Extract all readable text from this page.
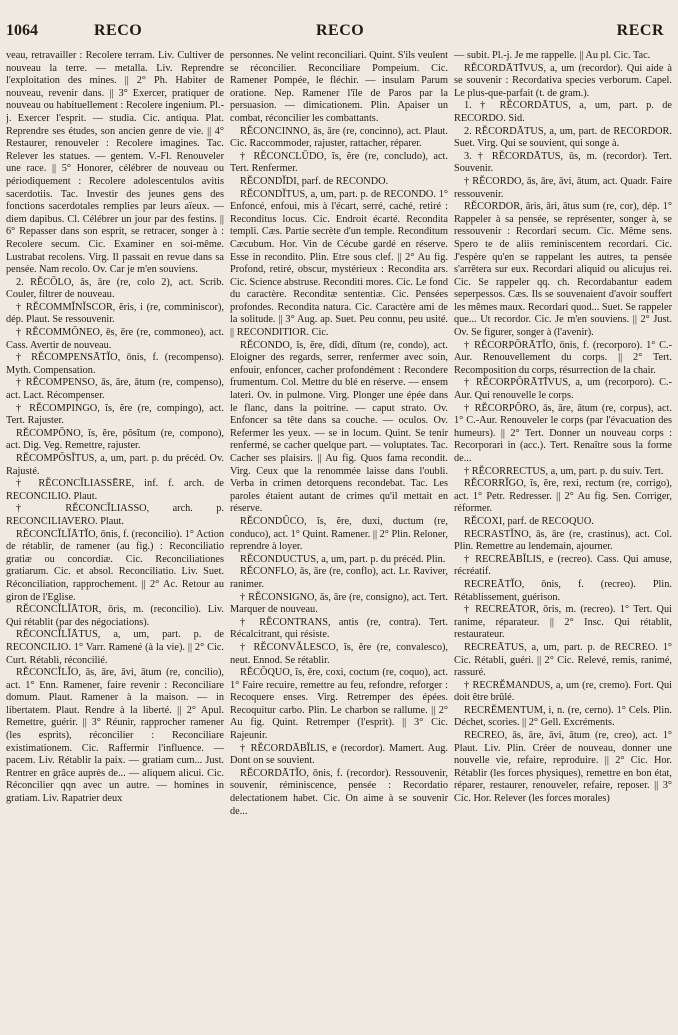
1064	RECO	RECO	RECR

veau, retravailler : Recolere terram. Liv. Cultiver de nouveau la terre. — metalla. Liv. Reprendre l'exploitation des mines. || 2° Ph. Habiter de nouveau, revenir dans. || 3° Exercer, pratiquer de nouveau ou habituellement : Recolere ingenium. Pl.-j. Exercer l'esprit. — studia. Cic. antiqua. Plat. Reprendre ses études, son ancien genre de vie. || 4° Restaurer, renouveler : Recolere imagines. Tac. Relever les statues. — gentem. V.-Fl. Renouveler une race. || 5° Honorer, célébrer de nouveau ou périodiquement : Recolere adolescentulos avitis sacerdotiis. Tac. Investir des jeunes gens des fonctions sacerdotales remplies par leurs aïeux. — diem dapibus. Cl. Célébrer un jour par des festins. || 6° Repasser dans son esprit, se retracer, songer à : Recolere secum. Cic. Examiner en soi-même. Lustrabat recolens. Virg. Il passait en revue dans sa pensée. Nam recolo. Ov. Car je m'en souviens.

2. RĔCŌLO, ās, āre (re, colo 2), act. Scrib. Couler, filtrer de nouveau.

† RĔCOMMĬNĬSCOR, ĕris, i (re, comminiscor), dép. Plaut. Se ressouvenir.

† RĔCOMMŎNEO, ēs, ēre (re, commoneo), act. Cass. Avertir de nouveau.

† RĔCOMPENSĀTĬO, ōnis, f. (recompenso). Myth. Compensation.

† RĔCOMPENSO, ās, āre, ātum (re, compenso), act. Lact. Récompenser.

† RĔCOMPINGO, ĭs, ĕre (re, compingo), act. Tert. Rajuster.

RĔCOMPŌNO, ĭs, ĕre, pŏsĭtum (re, compono), act. Dig. Veg. Remettre, rajuster.

RĔCOMPŎSĬTUS, a, um, part. p. du précéd. Ov. Rajusté.

† RĔCONCĬLIASSĒRE, inf. f. arch. de RECONCILIO. Plaut.

† RĔCONCĬLIASSO, arch. p. RECONCILIAVERO. Plaut.

RĔCONCĬLĬĀTĬO, ōnis, f. (reconcilio). 1° Action de rétablir, de ramener (au fig.) : Reconciliatio gratiæ ou concordiæ. Cic. Reconciliationes gratiarum. Cic. et absol. Reconciliatio. Liv. Suet. Réconciliation, rapprochement. || 2° Ac. Retour au giron de l'Eglise.

RĔCONCĬLĬĀTOR, ōris, m. (reconcilio). Liv. Qui rétablit (par des négociations).

RĔCONCĬLĬĀTUS, a, um, part. p. de RECONCILIO. 1° Varr. Ramené (à la vie). || 2° Cic. Curt. Rétabli, réconcilié.

RĔCONCĬLĬO, ās, āre, āvi, ātum (re, concilio), act. 1° Enn. Ramener, faire revenir : Reconciliare domum. Plaut. Ramener à la maison. — in libertatem. Plaut. Rendre à la liberté. || 2° Apul. Remettre, guérir. || 3° Réunir, rapprocher ramener (les esprits), réconcilier : Reconciliare existimationem. Cic. Raffermir l'influence. — pacem. Liv. Rétablir la paix. — gratiam cum... Just. Rentrer en grâce auprès de... — aliquem alicui. Cic. Réconcilier qqn avec un autre. — homines in gratiam. Liv. Rapatrier deux

personnes. Ne velint reconciliari. Quint. S'ils veulent se réconcilier. Reconciliare Pompeium. Cic. Ramener Pompée, le fléchir. — insulam Parum oratione. Nep. Ramener l'île de Paros par la persuasion. — dimicationem. Plin. Apaiser un combat, réconcilier les combattants.

RĔCONCINNO, ās, āre (re, concinno), act. Plaut. Cic. Raccommoder, rajuster, rattacher, réparer.

† RĔCONCLŪDO, ĭs, ĕre (re, concludo), act. Tert. Renfermer.

RĔCONDĬDI, parf. de RECONDO.

RĔCONDĬTUS, a, um, part. p. de RECONDO. 1° Enfoncé, enfoui, mis à l'écart, serré, caché, retiré : Reconditus locus. Cic. Endroit écarté. Recondita templi. Cæs. Partie secrète d'un temple. Reconditum Cæcubum. Hor. Vin de Cécube gardé en réserve. Esse in recondito. Plin. Etre sous clef. || 2° Au fig. Profond, retiré, obscur, mystérieux : Recondita ars. Cic. Science abstruse. Reconditi mores. Cic. Le fond du caractère. Reconditæ sententiæ. Cic. Pensées profondes. Recondita natura. Cic. Caractère ami de la solitude. || 3° Aug. ap. Suet. Peu connu, peu usité. || RECONDITIOR. Cic.

RĔCONDO, ĭs, ĕre, dĭdi, dĭtum (re, condo), act. Eloigner des regards, serrer, renfermer avec soin, enfouir, enfoncer, cacher profondément : Recondere frumentum. Col. Mettre du blé en réserve. — ensem lateri. Ov. in pulmone. Virg. Plonger une épée dans le flanc, dans la poitrine. — caput strato. Ov. Enfoncer sa tête dans sa couche. — oculos. Ov. Refermer les yeux. — se in locum. Quint. Se tenir renfermé, se cacher quelque part. — voluptates. Tac. Cacher ses plaisirs. || Au fig. Quos fama recondit. Virg. Ceux que la renommée laisse dans l'oubli. Verba in crimen detorquens recondebat. Tac. Les paroles étaient autant de crimes qu'il mettait en réserve.

RĔCONDŪCO, ĭs, ĕre, duxi, ductum (re, conduco), act. 1° Quint. Ramener. || 2° Plin. Reloner, reprendre à loyer.

RĔCONDUCTUS, a, um, part. p. du précéd. Plin.

RĔCONFLO, ās, āre (re, conflo), act. Lr. Raviver, ranimer.

† RĔCONSIGNO, ās, āre (re, consigno), act. Tert. Marquer de nouveau.

† RĔCONTRANS, antis (re, contra). Tert. Récalcitrant, qui résiste.

† RĔCONVĂLESCO, ĭs, ĕre (re, convalesco), neut. Ennod. Se rétablir.

RĔCŎQUO, ĭs, ĕre, coxi, coctum (re, coquo), act. 1° Faire recuire, remettre au feu, refondre, reforger : Recoquere enses. Virg. Retremper des épées. Recoquitur carbo. Plin. Le charbon se rallume. || 2° Au fig. Quint. Retremper (l'esprit). || 3° Cic. Rajeunir.

† RĔCORDĀBĬLIS, e (recordor). Mamert. Aug. Dont on se souvient.

RĔCORDĀTĬO, ōnis, f. (recordor). Ressouvenir, souvenir, réminiscence, pensée : Recordatio delectationem habet. Cic. On aime à se souvenir de...

— subit. Pl.-j. Je me rappelle. || Au pl. Cic. Tac.

RĔCORDĀTĪVUS, a, um (recordor). Qui aide à se souvenir : Recordativa species verborum. Capel. Le plus-que-parfait (t. de gram.).

1. † RĔCORDĀTUS, a, um, part. p. de RECORDO. Sid.

2. RĔCORDĀTUS, a, um, part. de RECORDOR. Suet. Virg. Qui se souvient, qui songe à.

3. † RĔCORDĀTUS, ūs, m. (recordor). Tert. Souvenir.

† RĔCORDO, ās, āre, āvi, ātum, act. Quadr. Faire ressouvenir.

RĔCORDOR, āris, āri, ātus sum (re, cor), dép. 1° Rappeler à sa pensée, se représenter, songer à, se ressouvenir : Recordari secum. Cic. Même sens. Spero te de aliis reminiscentem recordari. Cic. J'espère qu'en se rappelant les autres, ta pensée s'arrêtera sur eux. Recordari aliquid ou alicujus rei. Cic. Se rappeler qq. ch. Recordabantur eadem seperpessos. Cæs. Ils se souvenaient d'avoir souffert les mêmes maux. Recordari quod... Suet. Se rappeler que... Ut recordor. Cic. Je m'en souviens. || 2° Just. Ov. Se figurer, songer à (l'avenir).

† RĔCORPŎRĀTĬO, ōnis, f. (recorporo). 1° C.-Aur. Renouvellement du corps. || 2° Tert. Recomposition du corps, résurrection de la chair.

† RĔCORPŎRĀTĪVUS, a, um (recorporo). C.-Aur. Qui renouvelle le corps.

† RĔCORPŎRO, ās, āre, ātum (re, corpus), act. 1° C.-Aur. Renouveler le corps (par l'évacuation des humeurs). || 2° Tert. Donner un nouveau corps : Recorporari in (acc.). Tert. Renaître sous la forme de...

† RĔCORRECTUS, a, um, part. p. du suiv. Tert.

RĔCORRĬGO, ĭs, ĕre, rexi, rectum (re, corrigo), act. 1° Petr. Redresser. || 2° Au fig. Sen. Corriger, réformer.

RĔCOXI, parf. de RECOQUO.

RECRASTĬNO, ās, āre (re, crastinus), act. Col. Plin. Remettre au lendemain, ajourner.

† RECREĀBĬLIS, e (recreo). Cass. Qui amuse, récréatif.

RECREĀTĬO, ōnis, f. (recreo). Plin. Rétablissement, guérison.

† RECREĀTOR, ōris, m. (recreo). 1° Tert. Qui ranime, réparateur. || 2° Insc. Qui rétablit, restaurateur.

RECREĀTUS, a, um, part. p. de RECREO. 1° Cic. Rétabli, guéri. || 2° Cic. Relevé, remis, ranimé, rassuré.

† RECRĔMANDUS, a, um (re, cremo). Fort. Qui doit être brûlé.

RECRĔMENTUM, i, n. (re, cerno). 1° Cels. Plin. Déchet, scories. || 2° Gell. Excréments.

RECREO, ās, āre, āvi, ātum (re, creo), act. 1° Plaut. Liv. Plin. Créer de nouveau, donner une nouvelle vie, refaire, reproduire. || 2° Cic. Hor. Rétablir (les forces physiques), remettre en bon état, réparer, restaurer, renouveler, refaire, reposer. || 3° Cic. Hor. Relever (les forces morales)
